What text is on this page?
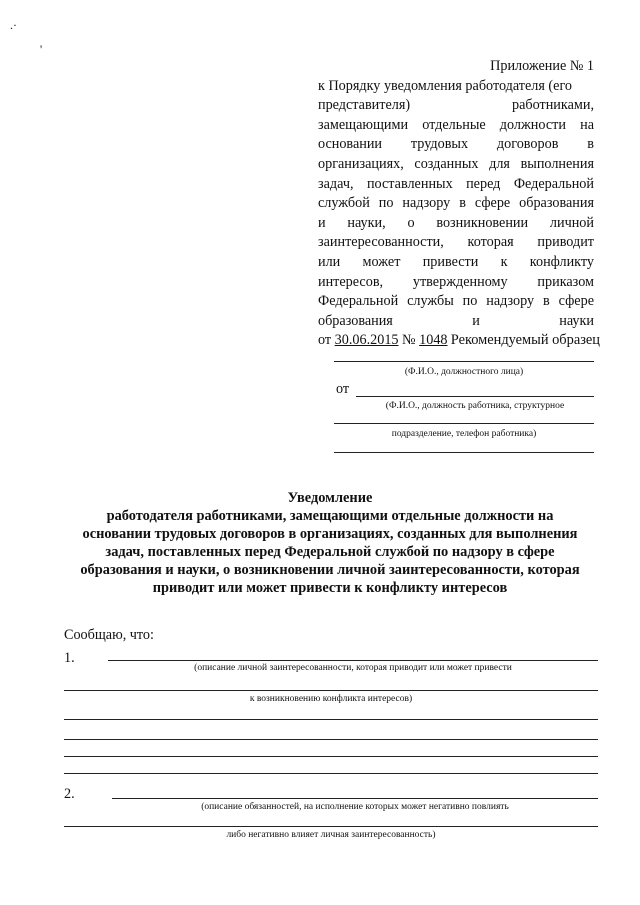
.·
'
Приложение № 1
к Порядку уведомления работодателя (его
представителя) работниками,
замещающими отдельные должности на
основании трудовых договоров в
организациях, созданных для выполнения
задач, поставленных перед Федеральной
службой по надзору в сфере образования
и науки, о возникновении личной
заинтересованности, которая приводит
или может привести к конфликту
интересов, утвержденному приказом
Федеральной службы по надзору в сфере
образования и науки
от 30.06.2015 № 1048 Рекомендуемый образец
(Ф.И.О., должностного лица)
от
(Ф.И.О., должность работника, структурное
подразделение, телефон работника)
Уведомление
работодателя работниками, замещающими отдельные должности на
основании трудовых договоров в организациях, созданных для выполнения
задач, поставленных перед Федеральной службой по надзору в сфере
образования и науки, о возникновении личной заинтересованности, которая
приводит или может привести к конфликту интересов
Сообщаю, что:
1.
(описание личной заинтересованности, которая приводит или может привести
к возникновению конфликта интересов)
2.
(описание обязанностей, на исполнение которых может негативно повлиять
либо негативно влияет личная заинтересованность)
